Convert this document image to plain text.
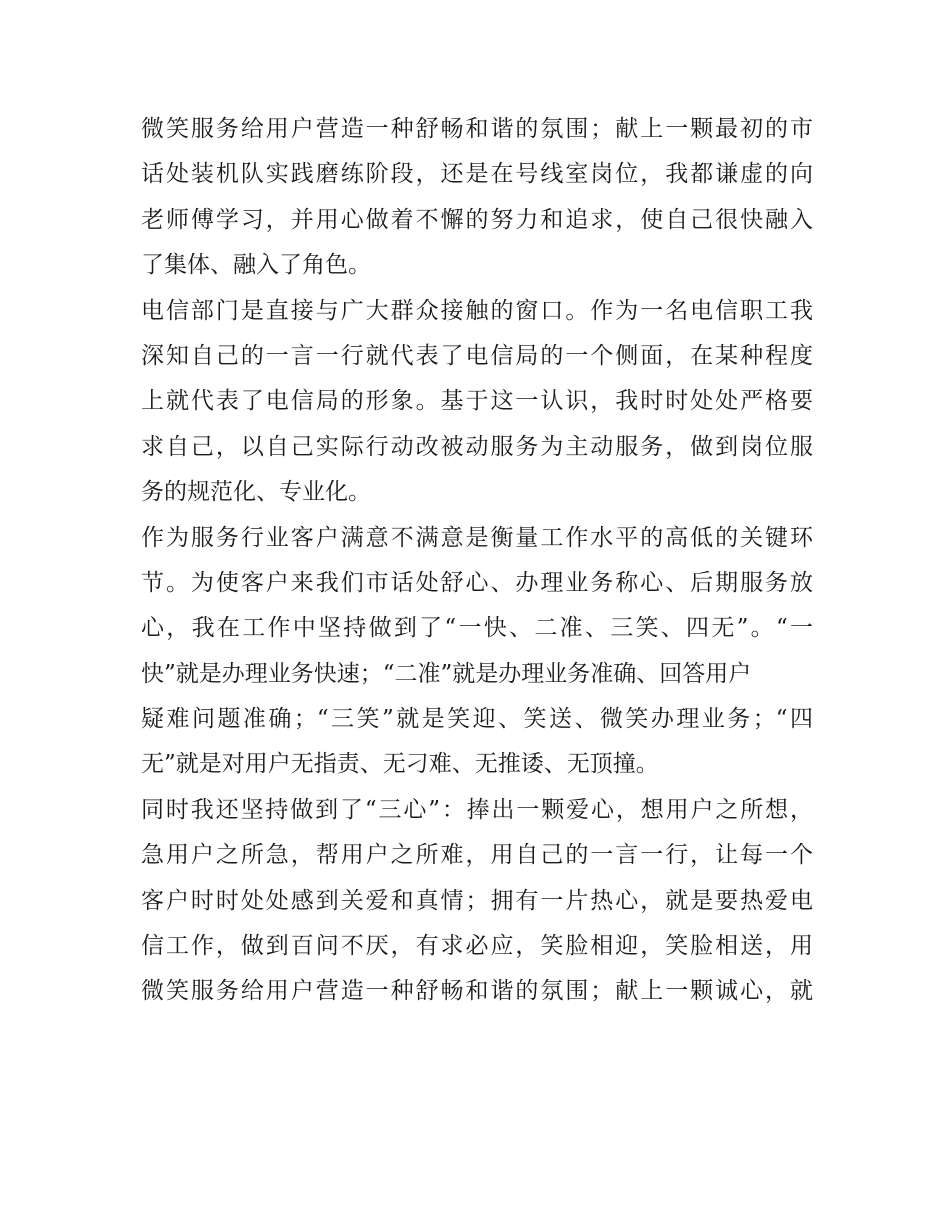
微笑服务给用户营造一种舒畅和谐的氛围；献上一颗最初的市
话处装机队实践磨练阶段，还是在号线室岗位，我都谦虚的向
老师傅学习，并用心做着不懈的努力和追求，使自己很快融入
了集体、融入了角色。
电信部门是直接与广大群众接触的窗口。作为一名电信职工我
深知自己的一言一行就代表了电信局的一个侧面，在某种程度
上就代表了电信局的形象。基于这一认识，我时时处处严格要
求自己，以自己实际行动改被动服务为主动服务，做到岗位服
务的规范化、专业化。
作为服务行业客户满意不满意是衡量工作水平的高低的关键环
节。为使客户来我们市话处舒心、办理业务称心、后期服务放
心，我在工作中坚持做到了“一快、二准、三笑、四无”。“一
快”就是办理业务快速；“二准”就是办理业务准确、回答用户
疑难问题准确；“三笑”就是笑迎、笑送、微笑办理业务；“四
无”就是对用户无指责、无刁难、无推诿、无顶撞。
同时我还坚持做到了“三心”：捧出一颗爱心，想用户之所想，
急用户之所急，帮用户之所难，用自己的一言一行，让每一个
客户时时处处感到关爱和真情；拥有一片热心，就是要热爱电
信工作，做到百问不厌，有求必应，笑脸相迎，笑脸相送，用
微笑服务给用户营造一种舒畅和谐的氛围；献上一颗诚心，就
